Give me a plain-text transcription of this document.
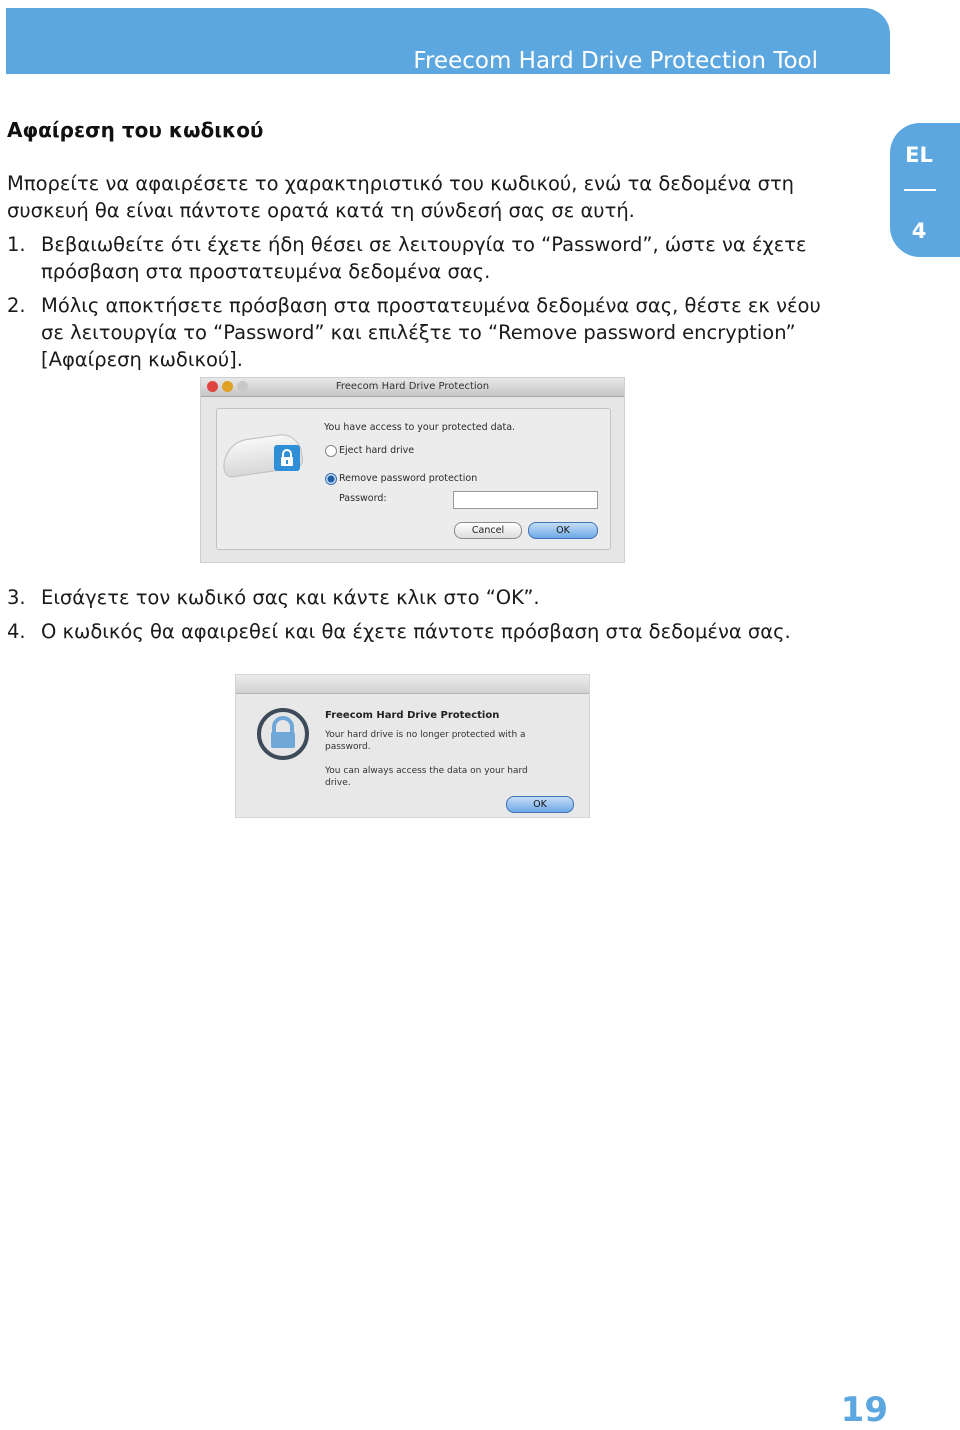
Freecom Hard Drive Protection Tool
EL
4
Αφαίρεση του κωδικού
Μπορείτε να αφαιρέσετε το χαρακτηριστικό του κωδικού, ενώ τα δεδομένα στη συσκευή θα είναι πάντοτε ορατά κατά τη σύνδεσή σας σε αυτή.
1. Βεβαιωθείτε ότι έχετε ήδη θέσει σε λειτουργία το “Password”, ώστε να έχετε πρόσβαση στα προστατευμένα δεδομένα σας.
2. Μόλις αποκτήσετε πρόσβαση στα προστατευμένα δεδομένα σας, θέστε εκ νέου σε λειτουργία το “Password” και επιλέξτε το “Remove password encryption” [Αφαίρεση κωδικού].
Freecom Hard Drive Protection
You have access to your protected data.
Eject hard drive
Remove password protection
Password:
Cancel	OK
3. Εισάγετε τον κωδικό σας και κάντε κλικ στο “OK”.
4. Ο κωδικός θα αφαιρεθεί και θα έχετε πάντοτε πρόσβαση στα δεδομένα σας.
Freecom Hard Drive Protection
Your hard drive is no longer protected with a password.
You can always access the data on your hard drive.
OK
19
